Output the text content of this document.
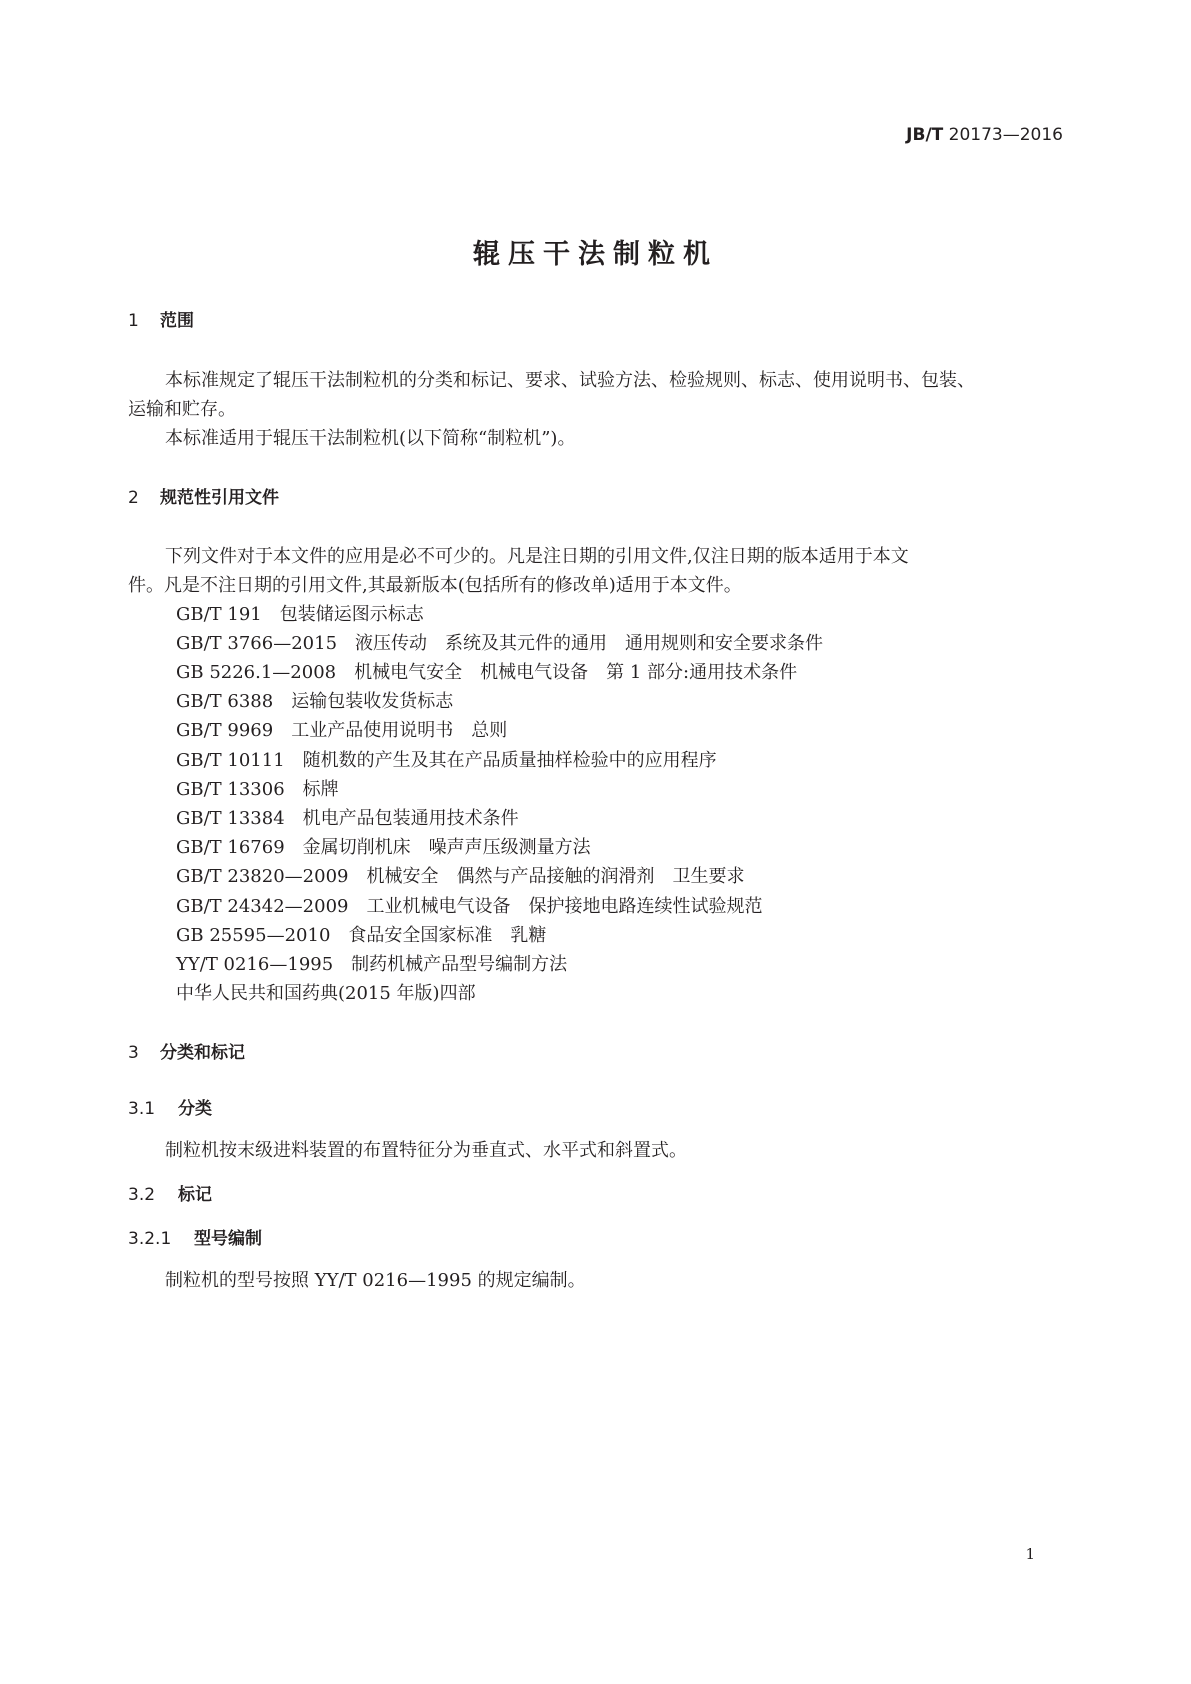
JB/T 20173—2016
辊压干法制粒机
1 范围
本标准规定了辊压干法制粒机的分类和标记、要求、试验方法、检验规则、标志、使用说明书、包装、
运输和贮存。
本标准适用于辊压干法制粒机(以下简称“制粒机”)。
2 规范性引用文件
下列文件对于本文件的应用是必不可少的。凡是注日期的引用文件,仅注日期的版本适用于本文
件。凡是不注日期的引用文件,其最新版本(包括所有的修改单)适用于本文件。
GB/T 191　包装储运图示标志
GB/T 3766—2015　液压传动　系统及其元件的通用　通用规则和安全要求条件
GB 5226.1—2008　机械电气安全　机械电气设备　第 1 部分:通用技术条件
GB/T 6388　运输包装收发货标志
GB/T 9969　工业产品使用说明书　总则
GB/T 10111　随机数的产生及其在产品质量抽样检验中的应用程序
GB/T 13306　标牌
GB/T 13384　机电产品包装通用技术条件
GB/T 16769　金属切削机床　噪声声压级测量方法
GB/T 23820—2009　机械安全　偶然与产品接触的润滑剂　卫生要求
GB/T 24342—2009　工业机械电气设备　保护接地电路连续性试验规范
GB 25595—2010　食品安全国家标准　乳糖
YY/T 0216—1995　制药机械产品型号编制方法
中华人民共和国药典(2015 年版)四部
3 分类和标记
3.1 分类
制粒机按末级进料装置的布置特征分为垂直式、水平式和斜置式。
3.2 标记
3.2.1 型号编制
制粒机的型号按照 YY/T 0216—1995 的规定编制。
1
